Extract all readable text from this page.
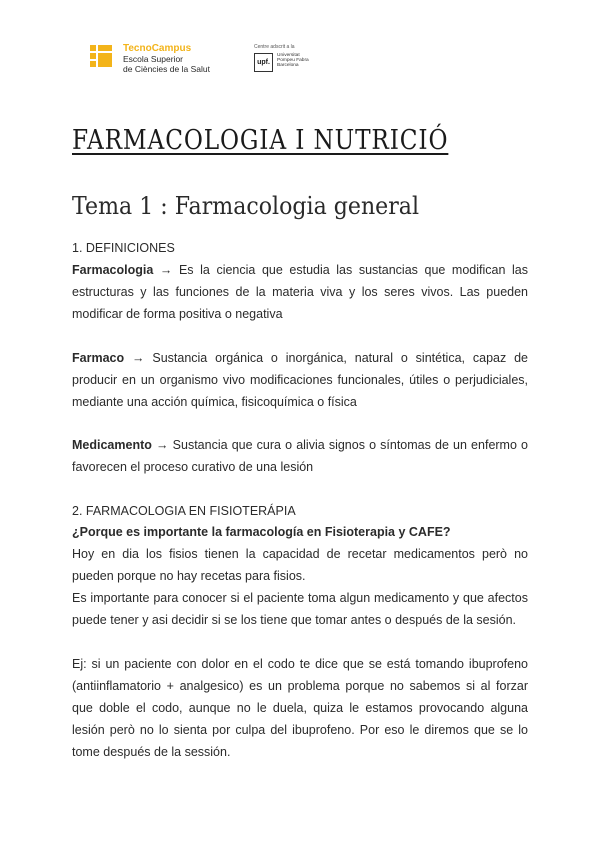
TecnoCampus
Escola Superior
de Ciències de la Salut
Centre adscrit a la
upf.
Universitat
Pompeu Fabra
Barcelona
FARMACOLOGIA I NUTRICIÓ
Tema 1 : Farmacologia general
1. DEFINICIONES
Farmacologia → Es la ciencia que estudia las sustancias que modifican las estructuras y las funciones de la materia viva y los seres vivos. Las pueden modificar de forma positiva o negativa
Farmaco → Sustancia orgánica o inorgánica, natural o sintética, capaz de producir en un organismo vivo modificaciones funcionales, útiles o perjudiciales, mediante una acción química, fisicoquímica o física
Medicamento → Sustancia que cura o alivia signos o síntomas de un enfermo o favorecen el proceso curativo de una lesión
2. FARMACOLOGIA EN FISIOTERÁPIA
¿Porque es importante la farmacología en Fisioterapia y CAFE?
Hoy en dia los fisios tienen la capacidad de recetar medicamentos però no pueden porque no hay recetas para fisios.
Es importante para conocer si el paciente toma algun medicamento y que afectos puede tener y asi decidir si se los tiene que tomar antes o después de la sesión.
Ej: si un paciente con dolor en el codo te dice que se está tomando ibuprofeno (antiinflamatorio + analgesico) es un problema porque no sabemos si al forzar que doble el codo, aunque no le duela, quiza le estamos provocando alguna lesión però no lo sienta por culpa del ibuprofeno. Por eso le diremos que se lo tome después de la sessión.
